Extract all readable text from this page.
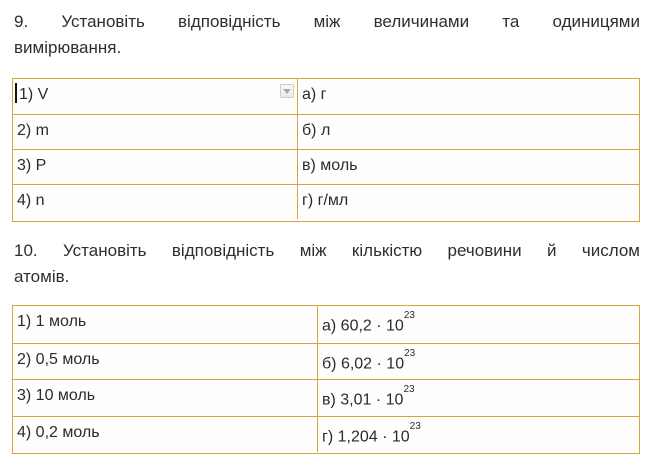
9. Установіть відповідність між величинами та одиницями
вимірювання.
1) V	а) г
2) m	б) л
3) P	в) моль
4) n	г) г/мл
10. Установіть відповідність між кількістю речовини й числом
атомів.
1) 1 моль	а) $60,2 \cdot 10^{23}$
2) 0,5 моль	б) $6,02 \cdot 10^{23}$
3) 10 моль	в) $3,01 \cdot 10^{23}$
4) 0,2 моль	г) $1,204 \cdot 10^{23}$
